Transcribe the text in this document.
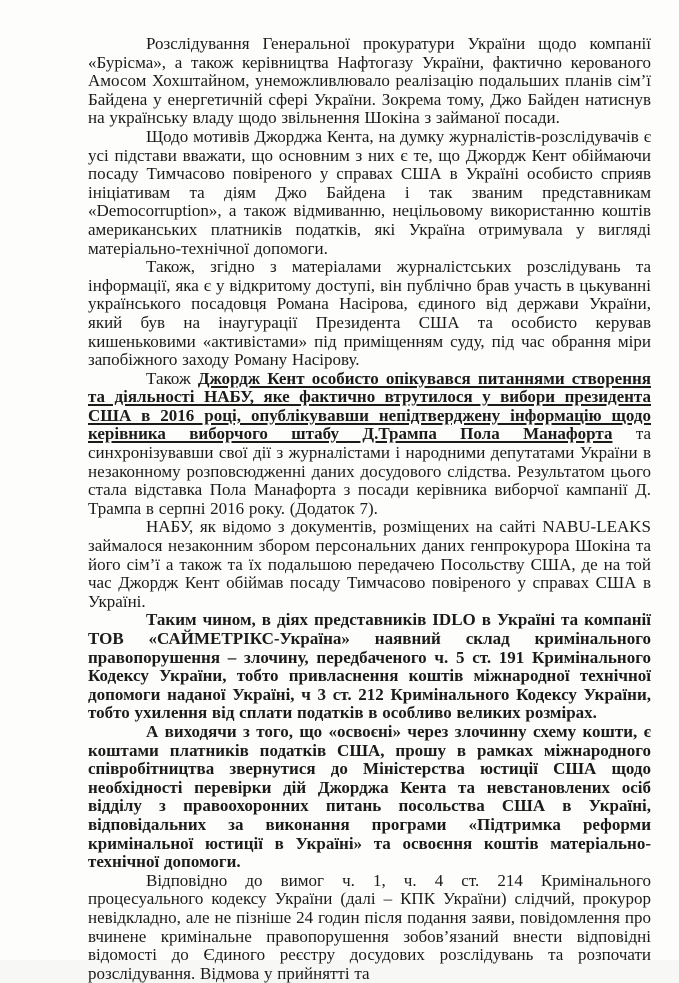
Розслідування Генеральної прокуратури України щодо компанії «Бурісма», а також керівництва Нафтогазу України, фактично керованого Амосом Хохштайном, унеможливлювало реалізацію подальших планів сім’ї Байдена у енергетичній сфері України. Зокрема тому, Джо Байден натиснув на українську владу щодо звільнення Шокіна з займаної посади.

Щодо мотивів Джорджа Кента, на думку журналістів-розслідувачів є усі підстави вважати, що основним з них є те, що Джордж Кент обіймаючи посаду Тимчасово повіреного у справах США в Україні особисто сприяв ініціативам та діям Джо Байдена і так званим представникам «Democorruption», а також відмиванню, нецільовому використанню коштів американських платників податків, які Україна отримувала у вигляді матеріально-технічної допомоги.

Також, згідно з матеріалами журналістських розслідувань та інформації, яка є у відкритому доступі, він публічно брав участь в цькуванні українського посадовця Романа Насірова, єдиного від держави України, який був на інаугурації Президента США та особисто керував кишеньковими «активістами» під приміщенням суду, під час обрання міри запобіжного заходу Роману Насірову.

Також Джордж Кент особисто опікувався питаннями створення та діяльності НАБУ, яке фактично втрутилося у вибори президента США в 2016 році, опублікувавши непідтверджену інформацію щодо керівника виборчого штабу Д.Трампа Пола Манафорта та синхронізувавши свої дії з журналістами і народними депутатами України в незаконному розповсюдженні даних досудового слідства. Результатом цього стала відставка Пола Манафорта з посади керівника виборчої кампанії Д. Трампа в серпні 2016 року. (Додаток 7).

НАБУ, як відомо з документів, розміщених на сайті NABU-LEAKS займалося незаконним збором персональних даних генпрокурора Шокіна та його сім’ї а також та їх подальшою передачею Посольству США, де на той час Джордж Кент обіймав посаду Тимчасово повіреного у справах США в Україні.

Таким чином, в діях представників IDLO в Україні та компанії ТОВ «САЙМЕТРІКС-Україна» наявний склад кримінального правопорушення – злочину, передбаченого ч. 5 ст. 191 Кримінального Кодексу України, тобто привласнення коштів міжнародної технічної допомоги наданої Україні, ч 3 ст. 212 Кримінального Кодексу України, тобто ухилення від сплати податків в особливо великих розмірах.

А виходячи з того, що «освоєні» через злочинну схему кошти, є коштами платників податків США, прошу в рамках міжнародного співробітництва звернутися до Міністерства юстиції США щодо необхідності перевірки дій Джорджа Кента та невстановлених осіб відділу з правоохоронних питань посольства США в Україні, відповідальних за виконання програми «Підтримка реформи кримінальної юстиції в Україні» та освоєння коштів матеріально-технічної допомоги.

Відповідно до вимог ч. 1, ч. 4 ст. 214 Кримінального процесуального кодексу України (далі – КПК України) слідчий, прокурор невідкладно, але не пізніше 24 годин після подання заяви, повідомлення про вчинене кримінальне правопорушення зобов’язаний внести відповідні відомості до Єдиного реєстру досудових розслідувань та розпочати розслідування. Відмова у прийнятті та
